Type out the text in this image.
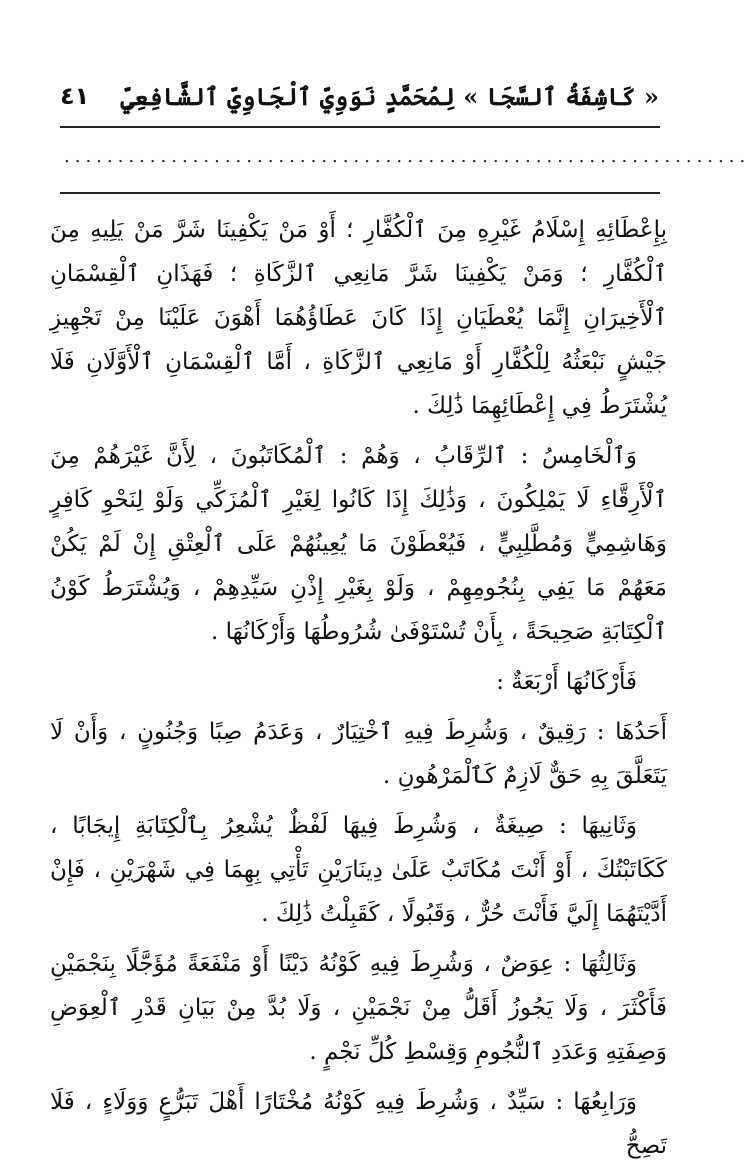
« كَاشِفَةُ ٱلسَّجَا » لِمُحَمَّدٍ نَوَوِيِّ ٱلْجَاوِيِّ ٱلشَّافِعِيِّ
٤١
................................................................

بِإِعْطَائِهِ إِسْلَامُ غَيْرِهِ مِنَ ٱلْكُفَّارِ ؛ أَوْ مَنْ يَكْفِينَا شَرَّ مَنْ يَلِيهِ مِنَ ٱلْكُفَّارِ ؛ وَمَنْ يَكْفِينَا شَرَّ مَانِعِي ٱلزَّكَاةِ ؛ فَهَذَانِ ٱلْقِسْمَانِ ٱلْأَخِيرَانِ إِنَّمَا يُعْطَيَانِ إِذَا كَانَ عَطَاؤُهُمَا أَهْوَنَ عَلَيْنَا مِنْ تَجْهِيزِ جَيْشٍ نَبْعَثُهُ لِلْكُفَّارِ أَوْ مَانِعِي ٱلزَّكَاةِ ، أَمَّا ٱلْقِسْمَانِ ٱلْأَوَّلَانِ فَلَا يُشْتَرَطُ فِي إِعْطَائِهِمَا ذَٰلِكَ .

وَٱلْخَامِسُ : ٱلرِّقَابُ ، وَهُمْ : ٱلْمُكَاتَبُونَ ، لِأَنَّ غَيْرَهُمْ مِنَ ٱلْأَرِقَّاءِ لَا يَمْلِكُونَ ، وَذَٰلِكَ إِذَا كَانُوا لِغَيْرِ ٱلْمُزَكِّي وَلَوْ لِنَحْوِ كَافِرٍ وَهَاشِمِيٍّ وَمُطَّلِبِيٍّ ، فَيُعْطَوْنَ مَا يُعِينُهُمْ عَلَى ٱلْعِتْقِ إِنْ لَمْ يَكُنْ مَعَهُمْ مَا يَفِي بِنُجُومِهِمْ ، وَلَوْ بِغَيْرِ إِذْنِ سَيِّدِهِمْ ، وَيُشْتَرَطُ كَوْنُ ٱلْكِتَابَةِ صَحِيحَةً ، بِأَنْ تُسْتَوْفَىٰ شُرُوطُهَا وَأَرْكَانُهَا .

فَأَرْكَانُهَا أَرْبَعَةٌ :

أَحَدُهَا : رَقِيقٌ ، وَشُرِطَ فِيهِ ٱخْتِيَارٌ ، وَعَدَمُ صِبًا وَجُنُونٍ ، وَأَنْ لَا يَتَعَلَّقَ بِهِ حَقٌّ لَازِمٌ كَٱلْمَرْهُونِ .

وَثَانِيهَا : صِيغَةٌ ، وَشُرِطَ فِيهَا لَفْظٌ يُشْعِرُ بِٱلْكِتَابَةِ إِيجَابًا ، كَكَاتَبْتُكَ ، أَوْ أَنْتَ مُكَاتَبٌ عَلَىٰ دِينَارَيْنِ تَأْتِي بِهِمَا فِي شَهْرَيْنِ ، فَإِنْ أَدَّيْتَهُمَا إِلَيَّ فَأَنْتَ حُرٌّ ، وَقَبُولًا ، كَقَبِلْتُ ذَٰلِكَ .

وَثَالِثُهَا : عِوَضٌ ، وَشُرِطَ فِيهِ كَوْنُهُ دَيْنًا أَوْ مَنْفَعَةً مُؤَجَّلًا بِنَجْمَيْنِ فَأَكْثَرَ ، وَلَا يَجُوزُ أَقَلُّ مِنْ نَجْمَيْنِ ، وَلَا بُدَّ مِنْ بَيَانِ قَدْرِ ٱلْعِوَضِ وَصِفَتِهِ وَعَدَدِ ٱلنُّجُومِ وَقِسْطِ كُلِّ نَجْمٍ .

وَرَابِعُهَا : سَيِّدٌ ، وَشُرِطَ فِيهِ كَوْنُهُ مُخْتَارًا أَهْلَ تَبَرُّعٍ وَوَلَاءٍ ، فَلَا تَصِحُّ
